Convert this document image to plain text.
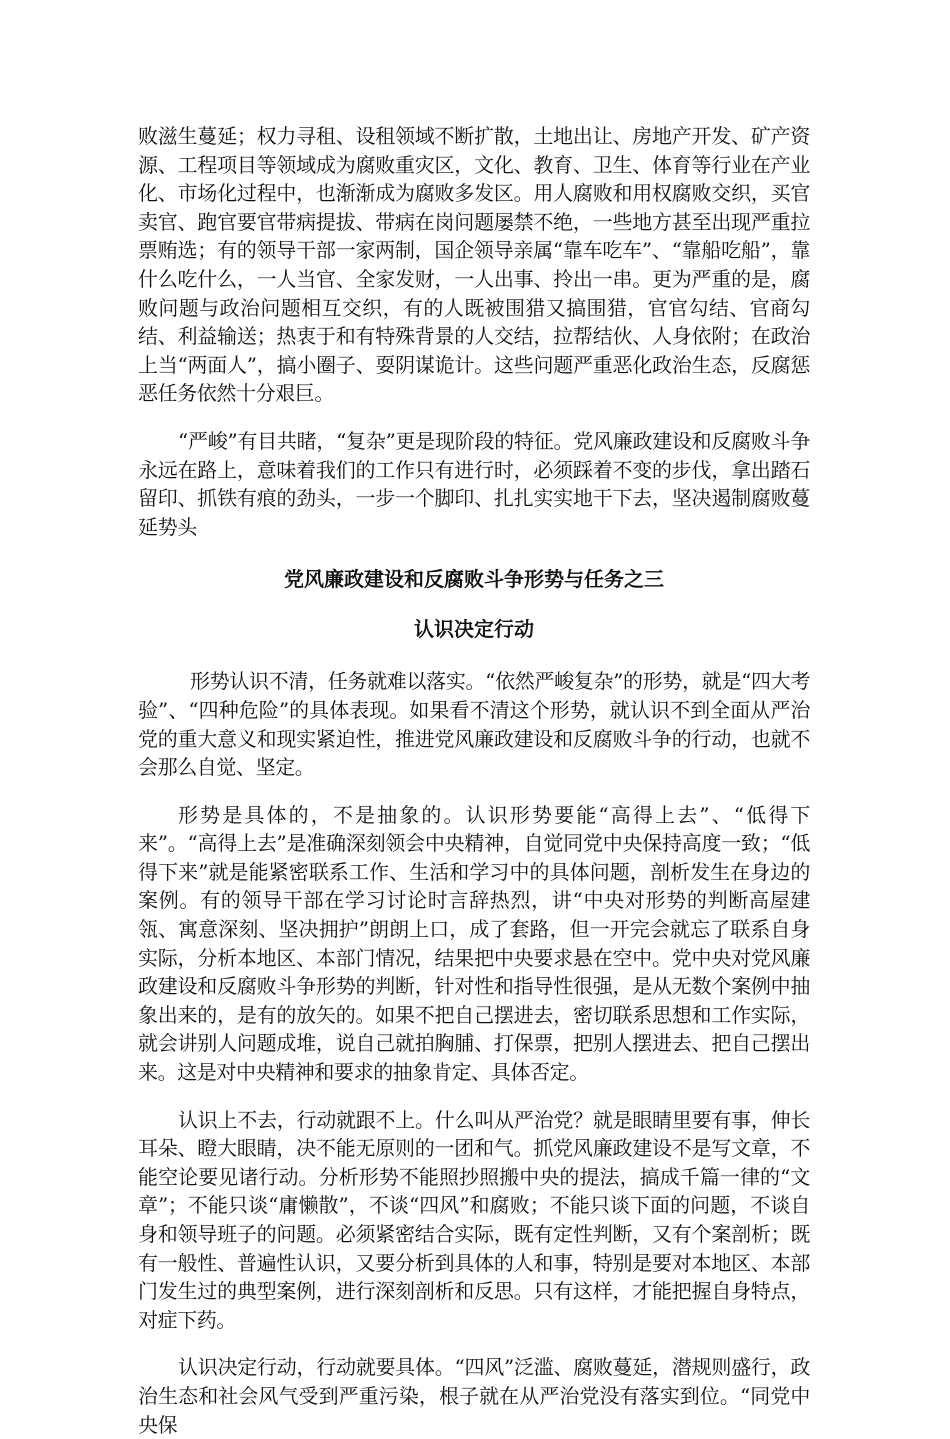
败滋生蔓延；权力寻租、设租领域不断扩散，土地出让、房地产开发、矿产资源、工程项目等领域成为腐败重灾区，文化、教育、卫生、体育等行业在产业化、市场化过程中，也渐渐成为腐败多发区。用人腐败和用权腐败交织，买官卖官、跑官要官带病提拔、带病在岗问题屡禁不绝，一些地方甚至出现严重拉票贿选；有的领导干部一家两制，国企领导亲属“靠车吃车”、“靠船吃船”，靠什么吃什么，一人当官、全家发财，一人出事、拎出一串。更为严重的是，腐败问题与政治问题相互交织，有的人既被围猎又搞围猎，官官勾结、官商勾结、利益输送；热衷于和有特殊背景的人交结，拉帮结伙、人身依附；在政治上当“两面人”，搞小圈子、耍阴谋诡计。这些问题严重恶化政治生态，反腐惩恶任务依然十分艰巨。

“严峻”有目共睹，“复杂”更是现阶段的特征。党风廉政建设和反腐败斗争永远在路上，意味着我们的工作只有进行时，必须踩着不变的步伐，拿出踏石留印、抓铁有痕的劲头，一步一个脚印、扎扎实实地干下去，坚决遏制腐败蔓延势头

党风廉政建设和反腐败斗争形势与任务之三
认识决定行动

形势认识不清，任务就难以落实。“依然严峻复杂”的形势，就是“四大考验”、“四种危险”的具体表现。如果看不清这个形势，就认识不到全面从严治党的重大意义和现实紧迫性，推进党风廉政建设和反腐败斗争的行动，也就不会那么自觉、坚定。

形势是具体的，不是抽象的。认识形势要能“高得上去”、“低得下来”。“高得上去”是准确深刻领会中央精神，自觉同党中央保持高度一致；“低得下来”就是能紧密联系工作、生活和学习中的具体问题，剖析发生在身边的案例。有的领导干部在学习讨论时言辞热烈，讲“中央对形势的判断高屋建瓴、寓意深刻、坚决拥护”朗朗上口，成了套路，但一开完会就忘了联系自身实际，分析本地区、本部门情况，结果把中央要求悬在空中。党中央对党风廉政建设和反腐败斗争形势的判断，针对性和指导性很强，是从无数个案例中抽象出来的，是有的放矢的。如果不把自己摆进去，密切联系思想和工作实际，就会讲别人问题成堆，说自己就拍胸脯、打保票，把别人摆进去、把自己摆出来。这是对中央精神和要求的抽象肯定、具体否定。

认识上不去，行动就跟不上。什么叫从严治党？就是眼睛里要有事，伸长耳朵、瞪大眼睛，决不能无原则的一团和气。抓党风廉政建设不是写文章，不能空论要见诸行动。分析形势不能照抄照搬中央的提法，搞成千篇一律的“文章”；不能只谈“庸懒散”，不谈“四风”和腐败；不能只谈下面的问题，不谈自身和领导班子的问题。必须紧密结合实际，既有定性判断，又有个案剖析；既有一般性、普遍性认识，又要分析到具体的人和事，特别是要对本地区、本部门发生过的典型案例，进行深刻剖析和反思。只有这样，才能把握自身特点，对症下药。

认识决定行动，行动就要具体。“四风”泛滥、腐败蔓延，潜规则盛行，政治生态和社会风气受到严重污染，根子就在从严治党没有落实到位。“同党中央保
